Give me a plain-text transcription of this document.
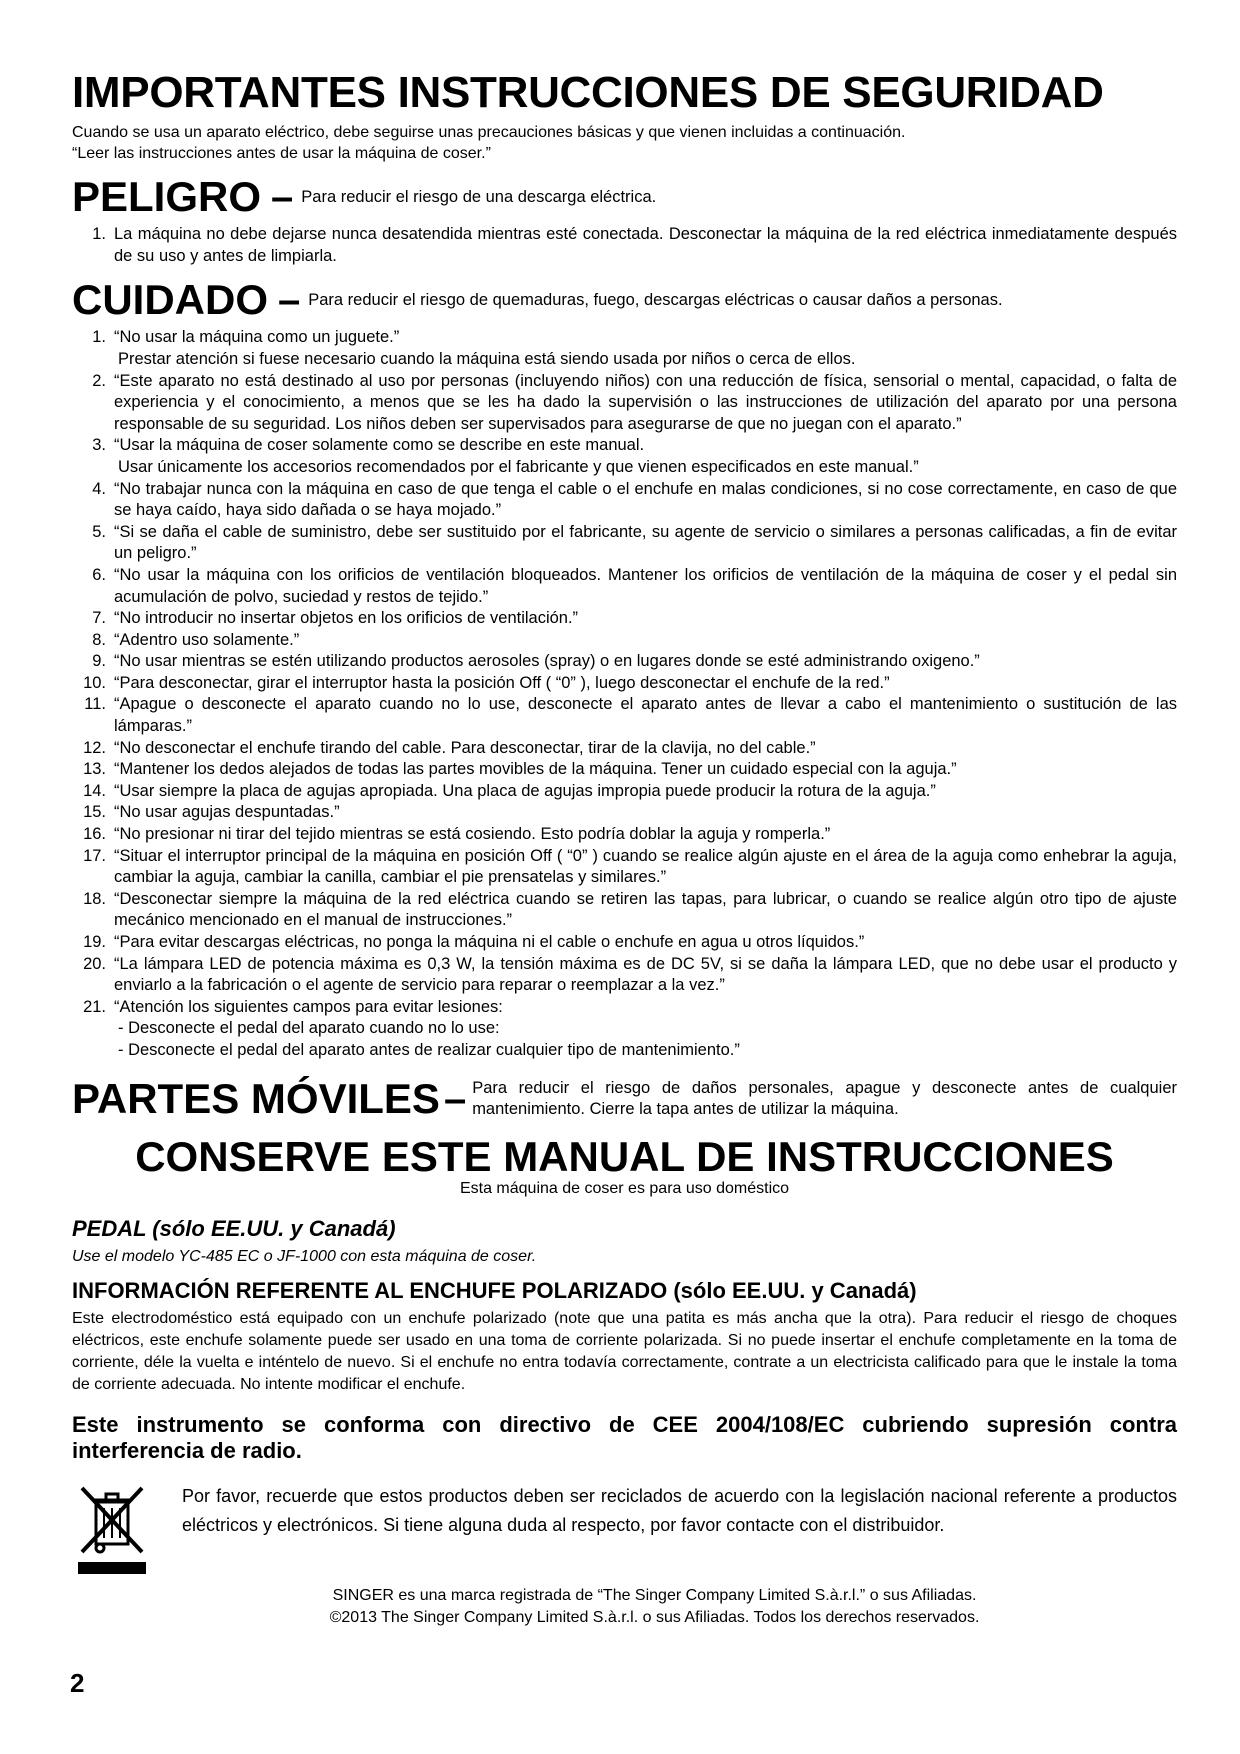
IMPORTANTES INSTRUCCIONES DE SEGURIDAD
Cuando se usa un aparato eléctrico, debe seguirse unas precauciones básicas y que vienen incluidas a continuación.
“Leer las instrucciones antes de usar la máquina de coser.”
PELIGRO – Para reducir el riesgo de una descarga eléctrica.
1. La máquina no debe dejarse nunca desatendida mientras esté conectada. Desconectar la máquina de la red eléctrica inmediatamente después de su uso y antes de limpiarla.
CUIDADO – Para reducir el riesgo de quemaduras, fuego, descargas eléctricas o causar daños a personas.
1. “No usar la máquina como un juguete.”
Prestar atención si fuese necesario cuando la máquina está siendo usada por niños o cerca de ellos.
2. “Este aparato no está destinado al uso por personas (incluyendo niños) con una reducción de física, sensorial o mental, capacidad, o falta de experiencia y el conocimiento, a menos que se les ha dado la supervisión o las instrucciones de utilización del aparato por una persona responsable de su seguridad. Los niños deben ser supervisados para asegurarse de que no juegan con el aparato.”
3. “Usar la máquina de coser solamente como se describe en este manual.
Usar únicamente los accesorios recomendados por el fabricante y que vienen especificados en este manual.”
4. “No trabajar nunca con la máquina en caso de que tenga el cable o el enchufe en malas condiciones, si no cose correctamente, en caso de que se haya caído, haya sido dañada o se haya mojado.”
5. “Si se daña el cable de suministro, debe ser sustituido por el fabricante, su agente de servicio o similares a personas calificadas, a fin de evitar un peligro.”
6. “No usar la máquina con los orificios de ventilación bloqueados. Mantener los orificios de ventilación de la máquina de coser y el pedal sin acumulación de polvo, suciedad y restos de tejido.”
7. “No introducir no insertar objetos en los orificios de ventilación.”
8. “Adentro uso solamente.”
9. “No usar mientras se estén utilizando productos aerosoles (spray) o en lugares donde se esté administrando oxigeno.”
10. “Para desconectar, girar el interruptor hasta la posición Off ( “0” ), luego desconectar el enchufe de la red.”
11. “Apague o desconecte el aparato cuando no lo use, desconecte el aparato antes de llevar a cabo el mantenimiento o sustitución de las lámparas.”
12. “No desconectar el enchufe tirando del cable. Para desconectar, tirar de la clavija, no del cable.”
13. “Mantener los dedos alejados de todas las partes movibles de la máquina. Tener un cuidado especial con la aguja.”
14. “Usar siempre la placa de agujas apropiada. Una placa de agujas impropia puede producir la rotura de la aguja.”
15. “No usar agujas despuntadas.”
16. “No presionar ni tirar del tejido mientras se está cosiendo. Esto podría doblar la aguja y romperla.”
17. “Situar el interruptor principal de la máquina en posición Off ( “0” ) cuando se realice algún ajuste en el área de la aguja como enhebrar la aguja, cambiar la aguja, cambiar la canilla, cambiar el pie prensatelas y similares.”
18. “Desconectar siempre la máquina de la red eléctrica cuando se retiren las tapas, para lubricar, o cuando se realice algún otro tipo de ajuste mecánico mencionado en el manual de instrucciones.”
19. “Para evitar descargas eléctricas, no ponga la máquina ni el cable o enchufe en agua u otros líquidos.”
20. “La lámpara LED de potencia máxima es 0,3 W, la tensión máxima es de DC 5V, si se daña la lámpara LED, que no debe usar el producto y enviarlo a la fabricación o el agente de servicio para reparar o reemplazar a la vez.”
21. “Atención los siguientes campos para evitar lesiones:
- Desconecte el pedal del aparato cuando no lo use:
- Desconecte el pedal del aparato antes de realizar cualquier tipo de mantenimiento.”
PARTES MÓVILES – Para reducir el riesgo de daños personales, apague y desconecte antes de cualquier mantenimiento. Cierre la tapa antes de utilizar la máquina.
CONSERVE ESTE MANUAL DE INSTRUCCIONES
Esta máquina de coser es para uso doméstico
PEDAL (sólo EE.UU. y Canadá)
Use el modelo YC-485 EC o JF-1000 con esta máquina de coser.
INFORMACIÓN REFERENTE AL ENCHUFE POLARIZADO (sólo EE.UU. y Canadá)
Este electrodoméstico está equipado con un enchufe polarizado (note que una patita es más ancha que la otra). Para reducir el riesgo de choques eléctricos, este enchufe solamente puede ser usado en una toma de corriente polarizada. Si no puede insertar el enchufe completamente en la toma de corriente, déle la vuelta e inténtelo de nuevo. Si el enchufe no entra todavía correctamente, contrate a un electricista calificado para que le instale la toma de corriente adecuada. No intente modificar el enchufe.
Este instrumento se conforma con directivo de CEE 2004/108/EC cubriendo supresión contra interferencia de radio.
Por favor, recuerde que estos productos deben ser reciclados de acuerdo con la legislación nacional referente a productos eléctricos y electrónicos. Si tiene alguna duda al respecto, por favor contacte con el distribuidor.
SINGER es una marca registrada de “The Singer Company Limited S.à.r.l.” o sus Afiliadas.
©2013 The Singer Company Limited S.à.r.l. o sus Afiliadas. Todos los derechos reservados.
2
